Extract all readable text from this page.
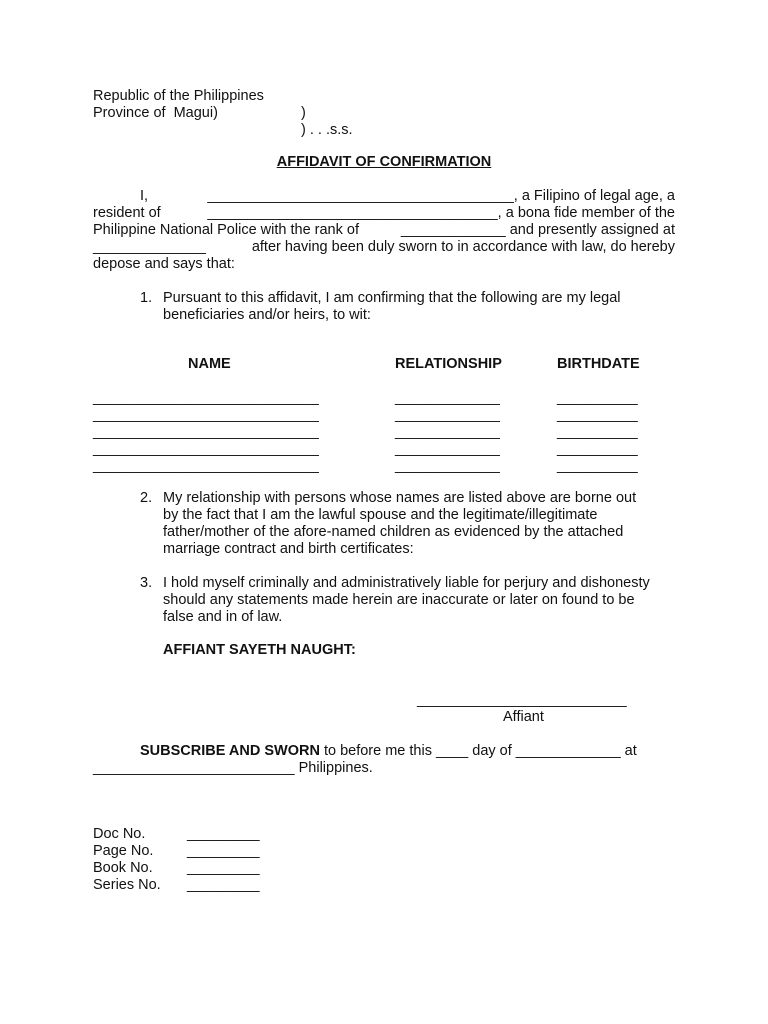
Republic of the Philippines
Province of  Magui)	)
) . . .s.s.
AFFIDAVIT OF CONFIRMATION
I,	______________________________________, a Filipino of legal age, a
resident of	____________________________________, a bona fide member of the
Philippine National Police with the rank of	_____________ and presently assigned at
______________	after having been duly sworn to in accordance with law, do hereby
depose and says that:
1. Pursuant to this affidavit, I am confirming that the following are my legal
beneficiaries and/or heirs, to wit:
NAME	RELATIONSHIP	BIRTHDATE
____________________________	_____________	__________
____________________________	_____________	__________
____________________________	_____________	__________
____________________________	_____________	__________
____________________________	_____________	__________
2. My relationship with persons whose names are listed above are borne out
by the fact that I am the lawful spouse and the legitimate/illegitimate
father/mother of the afore-named children as evidenced by the attached
marriage contract and birth certificates:
3. I hold myself criminally and administratively liable for perjury and dishonesty
should any statements made herein are inaccurate or later on found to be
false and in of law.
AFFIANT SAYETH NAUGHT:
__________________________
Affiant
SUBSCRIBE AND SWORN to before me this ____ day of _____________ at
_________________________ Philippines.
Doc No.	_________
Page No. _________
Book No. _________
Series No. _________
